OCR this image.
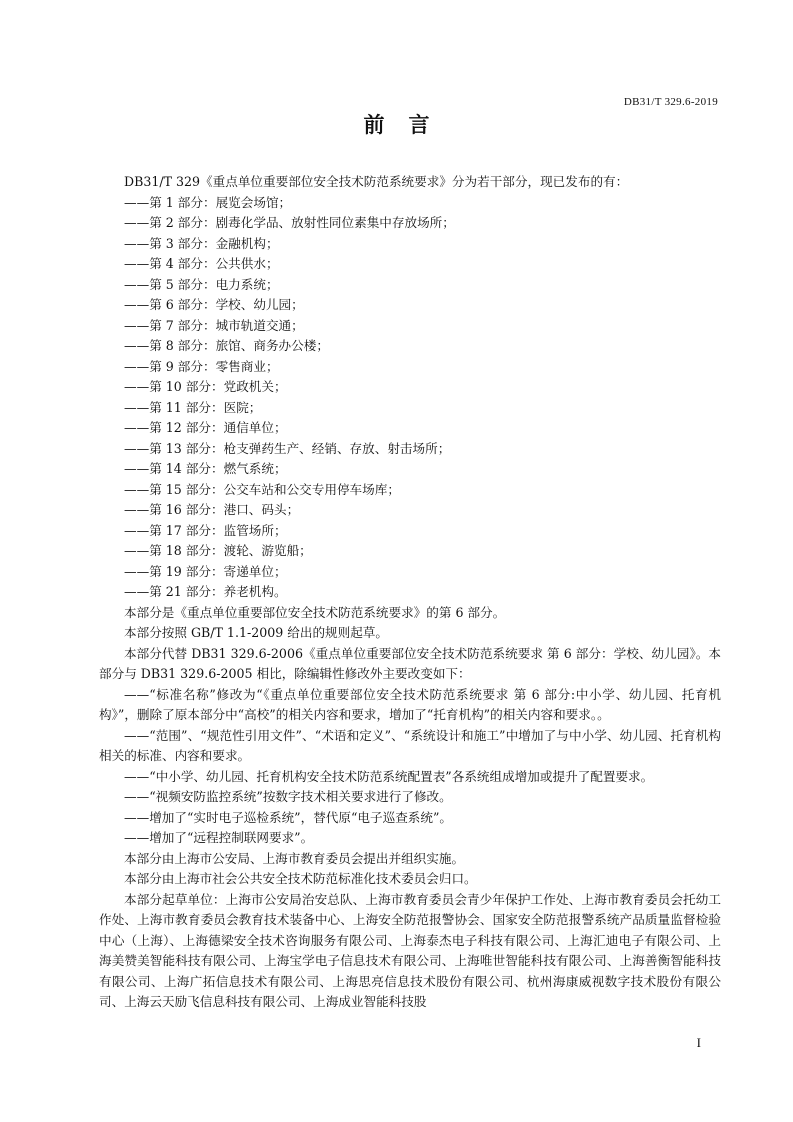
DB31/T 329.6-2019
前言

DB31/T 329《重点单位重要部位安全技术防范系统要求》分为若干部分，现已发布的有：

——第 1 部分：展览会场馆；

——第 2 部分：剧毒化学品、放射性同位素集中存放场所；

——第 3 部分：金融机构；

——第 4 部分：公共供水；

——第 5 部分：电力系统；

——第 6 部分：学校、幼儿园；

——第 7 部分：城市轨道交通；

——第 8 部分：旅馆、商务办公楼；

——第 9 部分：零售商业；

——第 10 部分：党政机关；

——第 11 部分：医院；

——第 12 部分：通信单位；

——第 13 部分：枪支弹药生产、经销、存放、射击场所；

——第 14 部分：燃气系统；

——第 15 部分：公交车站和公交专用停车场库；

——第 16 部分：港口、码头；

——第 17 部分：监管场所；

——第 18 部分：渡轮、游览船；

——第 19 部分：寄递单位；

——第 21 部分：养老机构。

本部分是《重点单位重要部位安全技术防范系统要求》的第 6 部分。

本部分按照 GB/T 1.1-2009 给出的规则起草。

本部分代替 DB31 329.6-2006《重点单位重要部位安全技术防范系统要求 第 6 部分：学校、幼儿园》。本部分与 DB31 329.6-2005 相比，除编辑性修改外主要改变如下：

——“标准名称”修改为“《重点单位重要部位安全技术防范系统要求 第 6 部分:中小学、幼儿园、托育机构》”，删除了原本部分中“高校”的相关内容和要求，增加了“托育机构”的相关内容和要求。。

——“范围”、“规范性引用文件”、“术语和定义”、“系统设计和施工”中增加了与中小学、幼儿园、托育机构相关的标准、内容和要求。

——“中小学、幼儿园、托育机构安全技术防范系统配置表”各系统组成增加或提升了配置要求。

——“视频安防监控系统”按数字技术相关要求进行了修改。

——增加了“实时电子巡检系统”，替代原“电子巡查系统”。

——增加了“远程控制联网要求”。

本部分由上海市公安局、上海市教育委员会提出并组织实施。

本部分由上海市社会公共安全技术防范标准化技术委员会归口。

本部分起草单位：上海市公安局治安总队、上海市教育委员会青少年保护工作处、上海市教育委员会托幼工作处、上海市教育委员会教育技术装备中心、上海安全防范报警协会、国家安全防范报警系统产品质量监督检验中心（上海）、上海德梁安全技术咨询服务有限公司、上海泰杰电子科技有限公司、上海汇迪电子有限公司、上海美赞美智能科技有限公司、上海宝学电子信息技术有限公司、上海唯世智能科技有限公司、上海善衡智能科技有限公司、上海广拓信息技术有限公司、上海思亮信息技术股份有限公司、杭州海康威视数字技术股份有限公司、上海云天励飞信息科技有限公司、上海成业智能科技股

I
